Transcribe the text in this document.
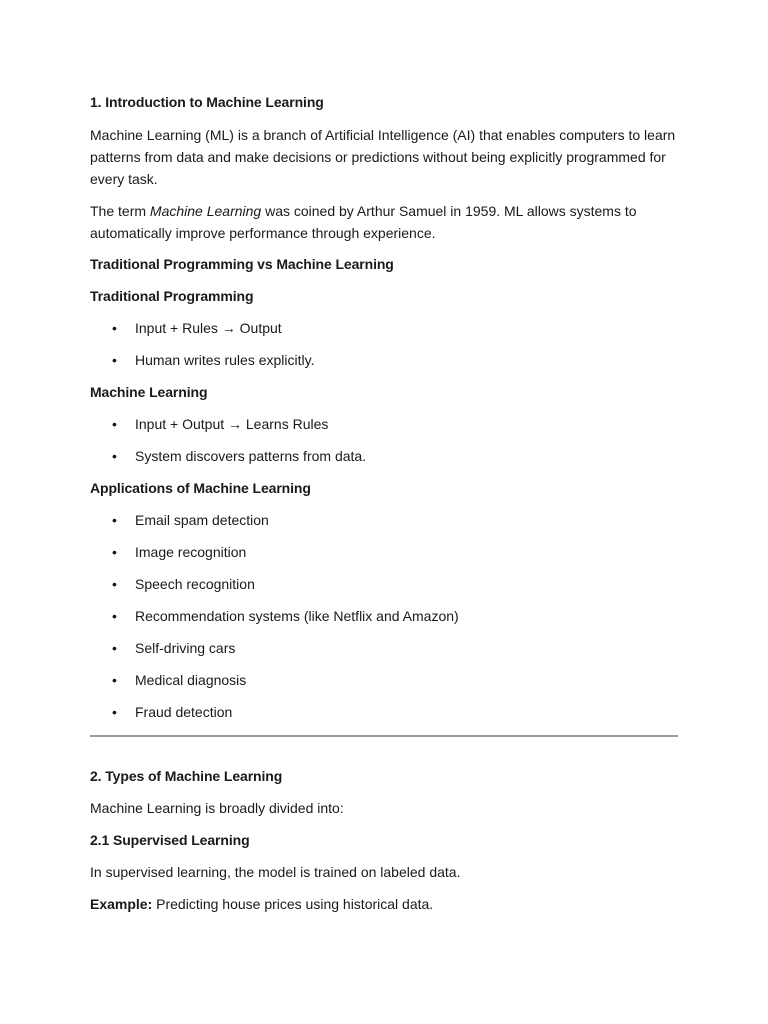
1. Introduction to Machine Learning

Machine Learning (ML) is a branch of Artificial Intelligence (AI) that enables computers to learn patterns from data and make decisions or predictions without being explicitly programmed for every task.

The term Machine Learning was coined by Arthur Samuel in 1959. ML allows systems to automatically improve performance through experience.

Traditional Programming vs Machine Learning

Traditional Programming

• Input + Rules → Output
• Human writes rules explicitly.

Machine Learning

• Input + Output → Learns Rules
• System discovers patterns from data.

Applications of Machine Learning

• Email spam detection
• Image recognition
• Speech recognition
• Recommendation systems (like Netflix and Amazon)
• Self-driving cars
• Medical diagnosis
• Fraud detection

2. Types of Machine Learning

Machine Learning is broadly divided into:

2.1 Supervised Learning

In supervised learning, the model is trained on labeled data.

Example: Predicting house prices using historical data.
